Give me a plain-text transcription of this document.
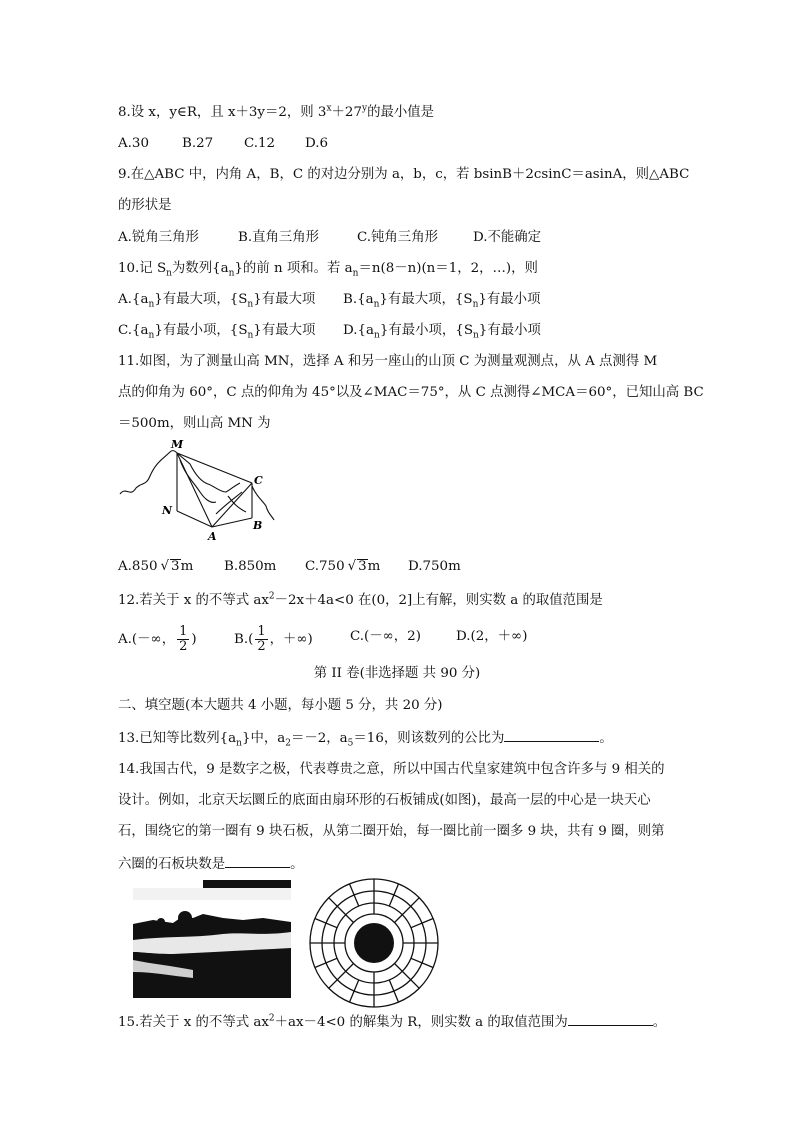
8.设 x，y∈R，且 x＋3y＝2，则 $3^x+27^y$的最小值是
A.30 B.27 C.12 D.6
9.在△ABC 中，内角 A，B，C 的对边分别为 a，b，c，若 bsinB＋2csinC＝asinA，则△ABC
的形状是
A.锐角三角形	B.直角三角形	C.钝角三角形	D.不能确定
10.记 $S_n$为数列$\{a_n\}$的前 n 项和。若 $a_n=n(8-n)(n=1$，2，…)，则
$A.\{a_n\}$有最大项，$\{S_n\}$有最大项 $B.\{a_n\}$有最大项，$\{S_n\}$有最小项
$C.\{a_n\}$有最小项，$\{S_n\}$有最大项 $D.\{a_n\}$有最小项，$\{S_n\}$有最小项
11.如图，为了测量山高 MN，选择 A 和另一座山的山顶 C 为测量观测点，从 A 点测得 M
点的仰角为 60°，C 点的仰角为 45°以及∠MAC＝75°，从 C 点测得∠MCA＝60°，已知山高 BC
＝500m，则山高 MN 为
M
N
A
B
C
A.850 √ 3m B.850m C.750 √ 3m D.750m
12.若关于 x 的不等式 $ax^2-2x+4a<0$ 在(0，2]上有解，则实数 a 的取值范围是
A.(－∞， $\frac{1}{2}$ )	$B.( \frac{1}{2}$ ，＋∞)	C.(－∞，2)	D.(2，＋∞)
第 II 卷(非选择题 共 90 分)
二、填空题(本大题共 4 小题，每小题 5 分，共 20 分)
13.已知等比数列$\{a_n\}$中，$a_2=-2$，$a_5=16$，则该数列的公比为	。
14.我国古代，9 是数字之极，代表尊贵之意，所以中国古代皇家建筑中包含许多与 9 相关的
设计。例如，北京天坛圜丘的底面由扇环形的石板铺成(如图)，最高一层的中心是一块天心
石，围绕它的第一圈有 9 块石板，从第二圈开始，每一圈比前一圈多 9 块，共有 9 圈，则第
六圈的石板块数是	。
15.若关于 x 的不等式 $ax^2+ax-4<0$ 的解集为 R，则实数 a 的取值范围为	。
